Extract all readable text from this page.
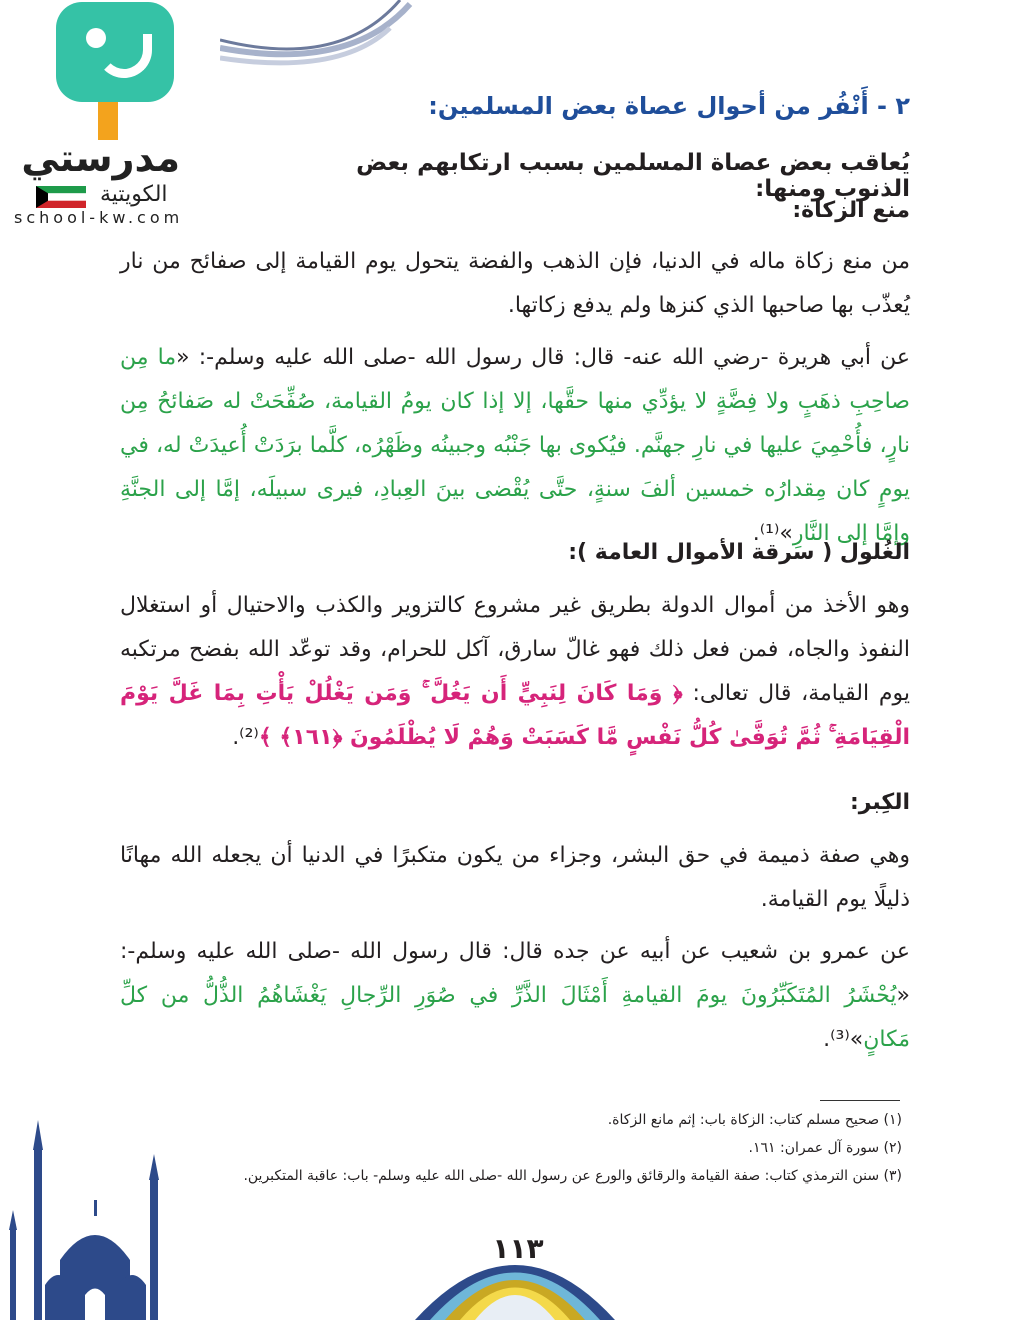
مدرستي
الكويتية
school-kw.com
٢ - أَنْفُر من أحوال عصاة بعض المسلمين:
يُعاقب بعض عصاة المسلمين بسبب ارتكابهم بعض الذنوب ومنها:
منع الزكاة:
من منع زكاة ماله في الدنيا، فإن الذهب والفضة يتحول يوم القيامة إلى صفائح من نار يُعذّب بها صاحبها الذي كنزها ولم يدفع زكاتها.
عن أبي هريرة -رضي الله عنه- قال: قال رسول الله -صلى الله عليه وسلم-: «ما مِن صاحِبِ ذهَبٍ ولا فِضَّةٍ لا يؤدِّي منها حقَّها، إلا إذا كان يومُ القيامة، صُفِّحَتْ له صَفائحُ مِن نارٍ، فأُحْمِيَ عليها في نارِ جهنَّم. فيُكوى بها جَنْبُه وجبينُه وظَهْرُه، كلَّما برَدَتْ أُعيدَتْ له، في يومٍ كان مِقدارُه خمسين ألفَ سنةٍ، حتَّى يُقْضى بينَ العِبادِ، فيرى سبيلَه، إمَّا إلى الجنَّةِ وإمَّا إلى النَّارِ»⁽¹⁾.
الغُلول ( سرقة الأموال العامة ):
وهو الأخذ من أموال الدولة بطريق غير مشروع كالتزوير والكذب والاحتيال أو استغلال النفوذ والجاه، فمن فعل ذلك فهو غالّ سارق، آكل للحرام، وقد توعّد الله بفضح مرتكبه يوم القيامة، قال تعالى: ﴿ وَمَا كَانَ لِنَبِيٍّ أَن يَغُلَّ ۚ وَمَن يَغْلُلْ يَأْتِ بِمَا غَلَّ يَوْمَ الْقِيَامَةِ ۚ ثُمَّ تُوَفَّىٰ كُلُّ نَفْسٍ مَّا كَسَبَتْ وَهُمْ لَا يُظْلَمُونَ ﴿١٦١﴾ ﴾⁽²⁾.
الكِبر:
وهي صفة ذميمة في حق البشر، وجزاء من يكون متكبرًا في الدنيا أن يجعله الله مهانًا ذليلًا يوم القيامة.
عن عمرو بن شعيب عن أبيه عن جده قال: قال رسول الله -صلى الله عليه وسلم-: «يُحْشَرُ المُتَكَبِّرُونَ يومَ القيامةِ أَمْثَالَ الذَّرِّ في صُوَرِ الرِّجالِ يَغْشَاهُمُ الذُّلُّ من كلِّ مَكانٍ»⁽³⁾.
(١) صحيح مسلم كتاب: الزكاة باب: إثم مانع الزكاة.
(٢) سورة آل عمران: ١٦١.
(٣) سنن الترمذي كتاب: صفة القيامة والرقائق والورع عن رسول الله -صلى الله عليه وسلم- باب: عاقبة المتكبرين.
١١٣
